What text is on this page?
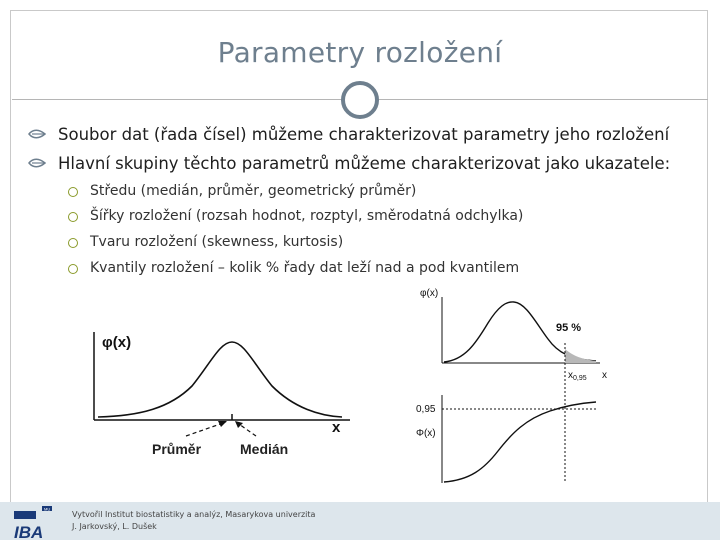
Parametry rozložení
Soubor dat (řada čísel) můžeme charakterizovat parametry jeho rozložení
Hlavní skupiny těchto parametrů můžeme charakterizovat jako ukazatele:
Středu (medián, průměr, geometrický průměr)
Šířky rozložení (rozsah hodnot, rozptyl, směrodatná odchylka)
Tvaru rozložení (skewness, kurtosis)
Kvantily rozložení – kolik % řady dat leží nad a pod kvantilem
φ(x)
x
Průměr	Medián
φ(x)
95 %
$x_{0,95}$ x
0,95
Φ(x)
MU
IBA
Vytvořil Institut biostatistiky a analýz, Masarykova univerzita
J. Jarkovský, L. Dušek
